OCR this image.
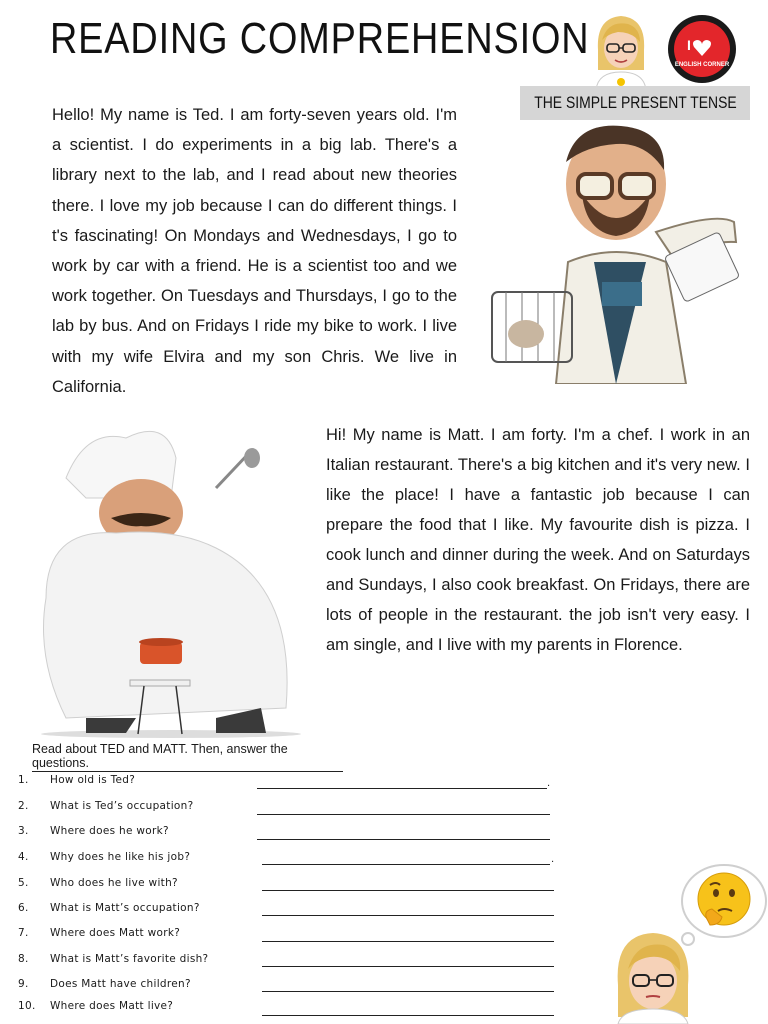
READING COMPREHENSION	I
ENGLISH CORNER
THE SIMPLE PRESENT TENSE
Hello! My name is Ted. I am forty-seven years old. I'm a scientist. I do experiments in a big lab. There's a library next to the lab, and I read about new theories there. I love my job because I can do different things. I t's fascinating! On Mondays and Wednesdays, I go to work by car with a friend. He is a scientist too and we work together. On Tuesdays and Thursdays, I go to the lab by bus. And on Fridays I ride my bike to work. I live with my wife Elvira and my son Chris. We live in California.
Hi! My name is Matt. I am forty. I'm a chef. I work in an Italian restaurant. There's a big kitchen and it's very new. I like the place! I have a fantastic job because I can prepare the food that I like. My favourite dish is pizza. I cook lunch and dinner during the week. And on Saturdays and Sundays, I also cook breakfast. On Fridays, there are lots of people in the restaurant. the job isn't very easy. I am single, and I live with my parents in Florence.
Read about TED and MATT. Then, answer the questions.
1. How old is Ted?	.
2. What is Ted’s occupation?
3. Where does he work?
4. Why does he like his job?	.
5. Who does he live with?
6. What is Matt’s occupation?
7. Where does Matt work?
8. What is Matt’s favorite dish?
9. Does Matt have children?
10. Where does Matt live?
